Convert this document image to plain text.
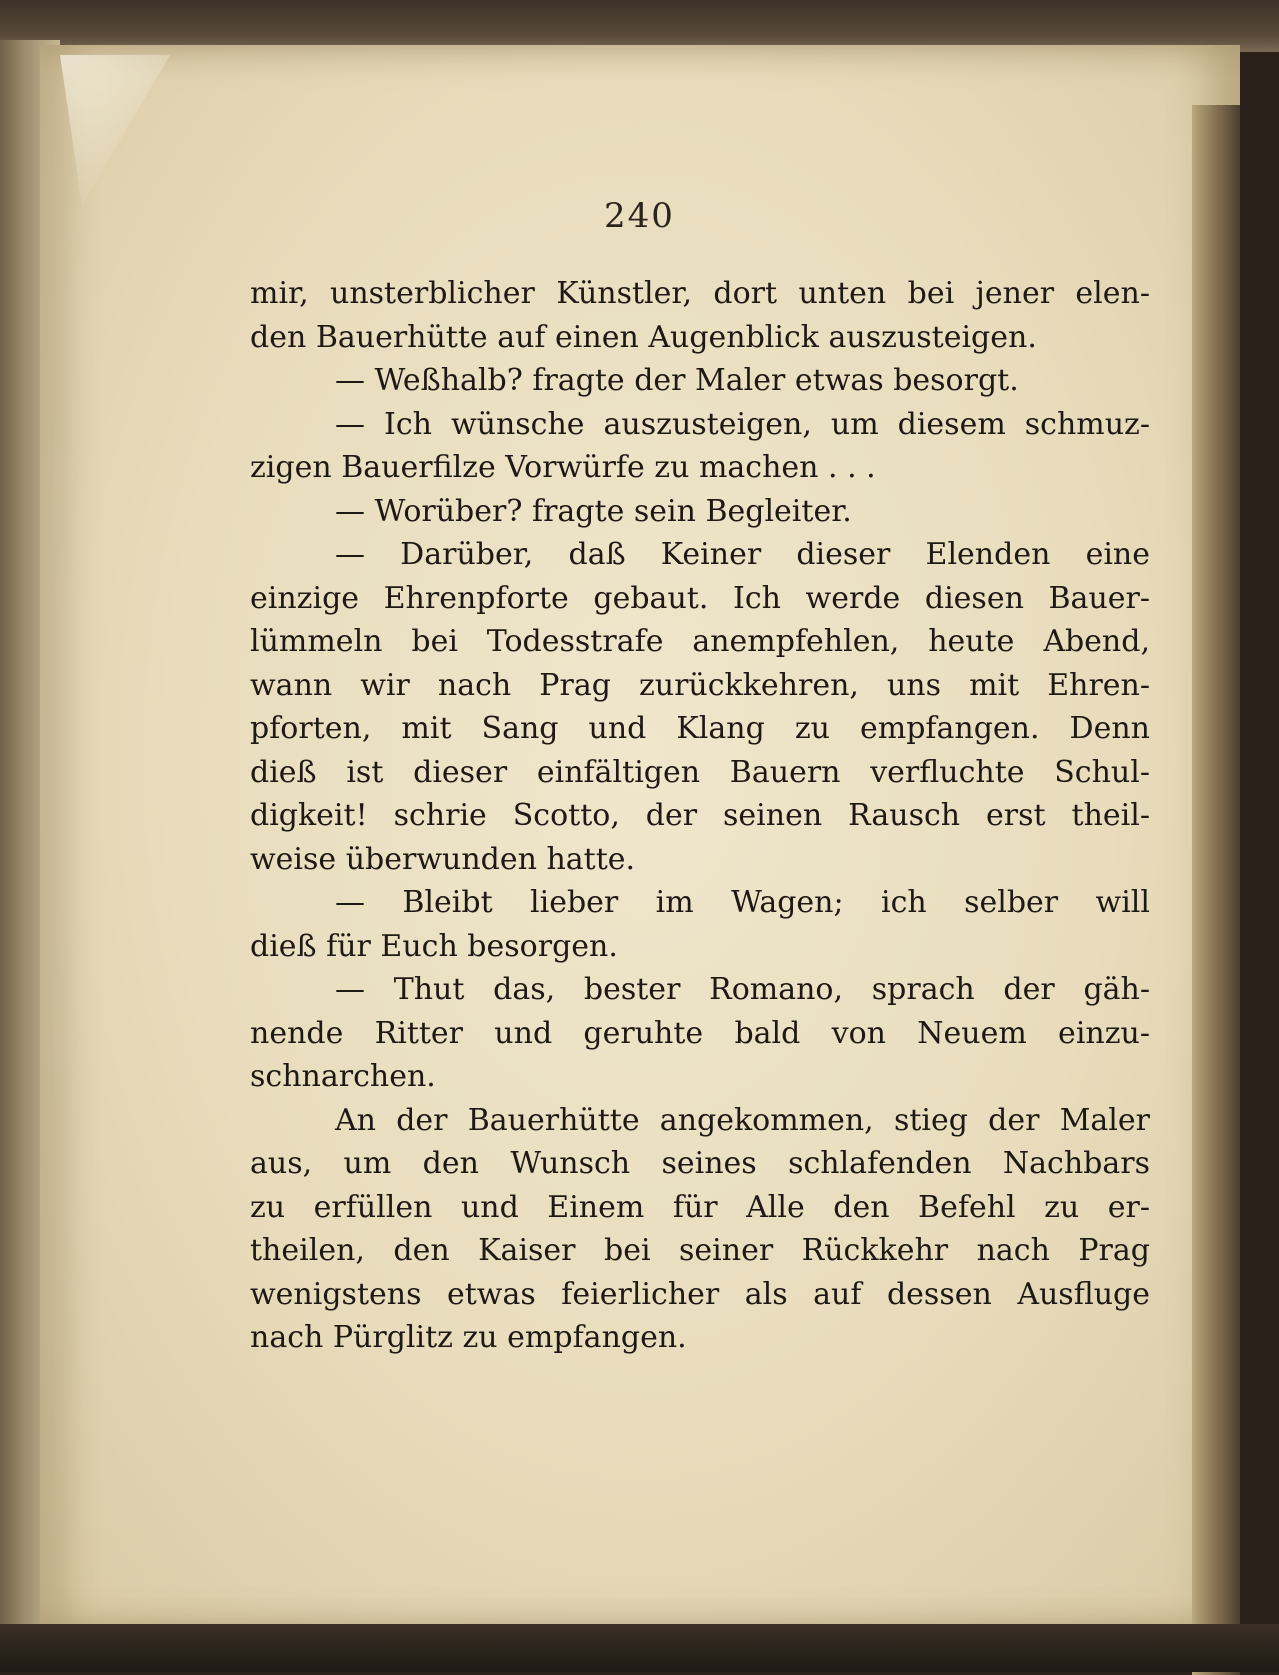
240
mir, unsterblicher Künstler, dort unten bei jener elen-
den Bauerhütte auf einen Augenblick auszusteigen.
— Weßhalb? fragte der Maler etwas besorgt.
— Ich wünsche auszusteigen, um diesem schmuz-
zigen Bauerfilze Vorwürfe zu machen . . .
— Worüber? fragte sein Begleiter.
— Darüber, daß Keiner dieser Elenden eine
einzige Ehrenpforte gebaut. Ich werde diesen Bauer-
lümmeln bei Todesstrafe anempfehlen, heute Abend,
wann wir nach Prag zurückkehren, uns mit Ehren-
pforten, mit Sang und Klang zu empfangen. Denn
dieß ist dieser einfältigen Bauern verfluchte Schul-
digkeit! schrie Scotto, der seinen Rausch erst theil-
weise überwunden hatte.
— Bleibt lieber im Wagen; ich selber will
dieß für Euch besorgen.
— Thut das, bester Romano, sprach der gäh-
nende Ritter und geruhte bald von Neuem einzu-
schnarchen.
An der Bauerhütte angekommen, stieg der Maler
aus, um den Wunsch seines schlafenden Nachbars
zu erfüllen und Einem für Alle den Befehl zu er-
theilen, den Kaiser bei seiner Rückkehr nach Prag
wenigstens etwas feierlicher als auf dessen Ausfluge
nach Pürglitz zu empfangen.
